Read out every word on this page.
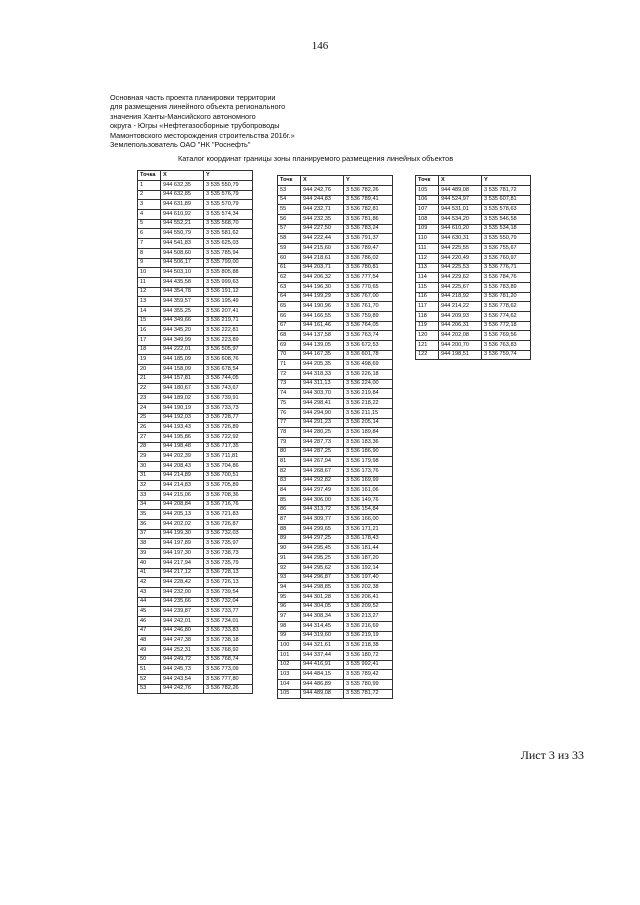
146
Основная часть проекта планировки территории
для размещения линейного объекта регионального
значения Ханты-Мансийского автономного
округа - Югры «Нефтегазосборные трубопроводы
Мамонтовского месторождения строительства 2016г.»
Землепользователь ОАО "НК "Роснефть"
Каталог координат границы зоны планируемого размещения линейных объектов
Точка	X	Y
1	944 632,35	3 535 550,79
2	944 632,85	3 535 576,79
3	944 631,89	3 535 570,79
4	944 610,92	3 535 574,34
5	944 552,21	3 535 568,70
6	944 550,79	3 535 581,62
7	944 541,83	3 535 625,03
8	944 508,60	3 535 785,94
9	944 506,17	3 535 799,00
10	944 503,10	3 535 805,88
11	944 435,58	3 535 999,63
12	944 354,78	3 536 191,12
13	944 359,57	3 536 195,49
14	944 355,25	3 536 207,41
15	944 349,66	3 536 219,71
16	944 345,20	3 536 222,81
17	944 349,99	3 536 223,89
18	944 222,01	3 536 505,97
19	944 185,09	3 536 608,76
20	944 158,09	3 536 678,54
21	944 157,81	3 536 744,05
22	944 180,67	3 536 743,67
23	944 189,02	3 536 739,91
24	944 190,19	3 536 733,73
25	944 192,03	3 536 728,77
26	944 193,43	3 536 726,89
27	944 195,86	3 536 722,92
28	944 198,48	3 536 717,35
29	944 202,39	3 536 711,81
30	944 208,43	3 536 704,86
31	944 214,89	3 536 700,51
32	944 214,83	3 536 705,89
33	944 215,06	3 536 708,36
34	944 208,84	3 536 716,76
35	944 205,13	3 536 721,83
36	944 202,02	3 536 726,87
37	944 199,30	3 536 732,03
38	944 197,89	3 536 735,97
39	944 197,30	3 536 738,73
40	944 217,94	3 536 735,79
41	944 217,12	3 536 728,13
42	944 228,42	3 536 726,13
43	944 232,00	3 536 739,54
44	944 235,66	3 536 732,04
45	944 239,87	3 536 733,77
46	944 242,01	3 536 734,01
47	944 246,80	3 536 733,83
48	944 247,38	3 536 738,18
49	944 252,31	3 536 768,92
50	944 249,72	3 536 768,74
51	944 245,73	3 536 773,09
52	944 243,54	3 536 777,80
53	944 242,76	3 536 782,26
Точк	X	Y
53	944 242,76	3 536 782,26
54	944 244,83	3 536 789,41
55	944 232,71	3 536 782,81
56	944 232,35	3 536 781,86
57	944 227,50	3 536 783,24
58	944 222,44	3 536 791,37
59	944 215,60	3 536 789,47
60	944 218,61	3 536 786,02
61	944 203,71	3 536 780,81
62	944 206,32	3 536 777,54
63	944 196,30	3 536 770,65
64	944 199,29	3 536 767,00
65	944 190,96	3 536 761,70
66	944 166,55	3 536 759,89
67	944 161,46	3 536 764,05
68	944 137,58	3 536 763,74
69	944 139,05	3 536 672,53
70	944 167,35	3 536 601,78
71	944 205,35	3 536 498,69
72	944 318,33	3 536 226,18
73	944 311,13	3 536 224,00
74	944 303,70	3 536 219,84
75	944 298,41	3 536 218,22
76	944 294,90	3 536 211,15
77	944 291,23	3 536 205,14
78	944 280,25	3 536 189,84
79	944 287,73	3 536 183,36
80	944 287,25	3 536 186,90
81	944 267,94	3 536 179,98
82	944 268,67	3 536 173,76
83	944 292,82	3 536 169,99
84	944 297,49	3 536 161,06
85	944 306,00	3 536 149,76
86	944 313,72	3 536 154,84
87	944 309,77	3 536 166,00
88	944 299,65	3 536 171,21
89	944 297,25	3 536 178,43
90	944 295,45	3 536 181,44
91	944 295,25	3 536 187,20
92	944 295,62	3 536 192,14
93	944 296,87	3 536 197,40
94	944 298,85	3 536 202,38
95	944 301,28	3 536 206,41
96	944 304,05	3 536 209,52
97	944 308,34	3 536 213,27
98	944 314,45	3 536 216,69
99	944 319,60	3 536 219,19
100	944 321,61	3 536 218,38
101	944 337,44	3 536 180,72
102	944 416,91	3 535 992,41
103	944 484,15	3 535 789,42
104	944 486,89	3 535 780,99
105	944 489,08	3 535 781,72
Точк	X	Y
105	944 489,08	3 535 781,72
106	944 524,97	3 535 607,81
107	944 531,01	3 535 578,63
108	944 534,20	3 535 546,58
109	944 610,20	3 535 534,18
110	944 630,31	3 535 550,79
111	944 225,55	3 536 755,67
112	944 220,49	3 536 760,97
113	944 225,53	3 536 776,71
114	944 229,62	3 536 784,76
115	944 225,67	3 536 783,89
116	944 218,92	3 536 781,20
117	944 214,22	3 536 778,62
118	944 209,93	3 536 774,62
119	944 206,31	3 536 772,18
120	944 202,08	3 536 769,56
121	944 200,70	3 536 763,83
122	944 198,51	3 536 759,74
Лист 3 из 33
